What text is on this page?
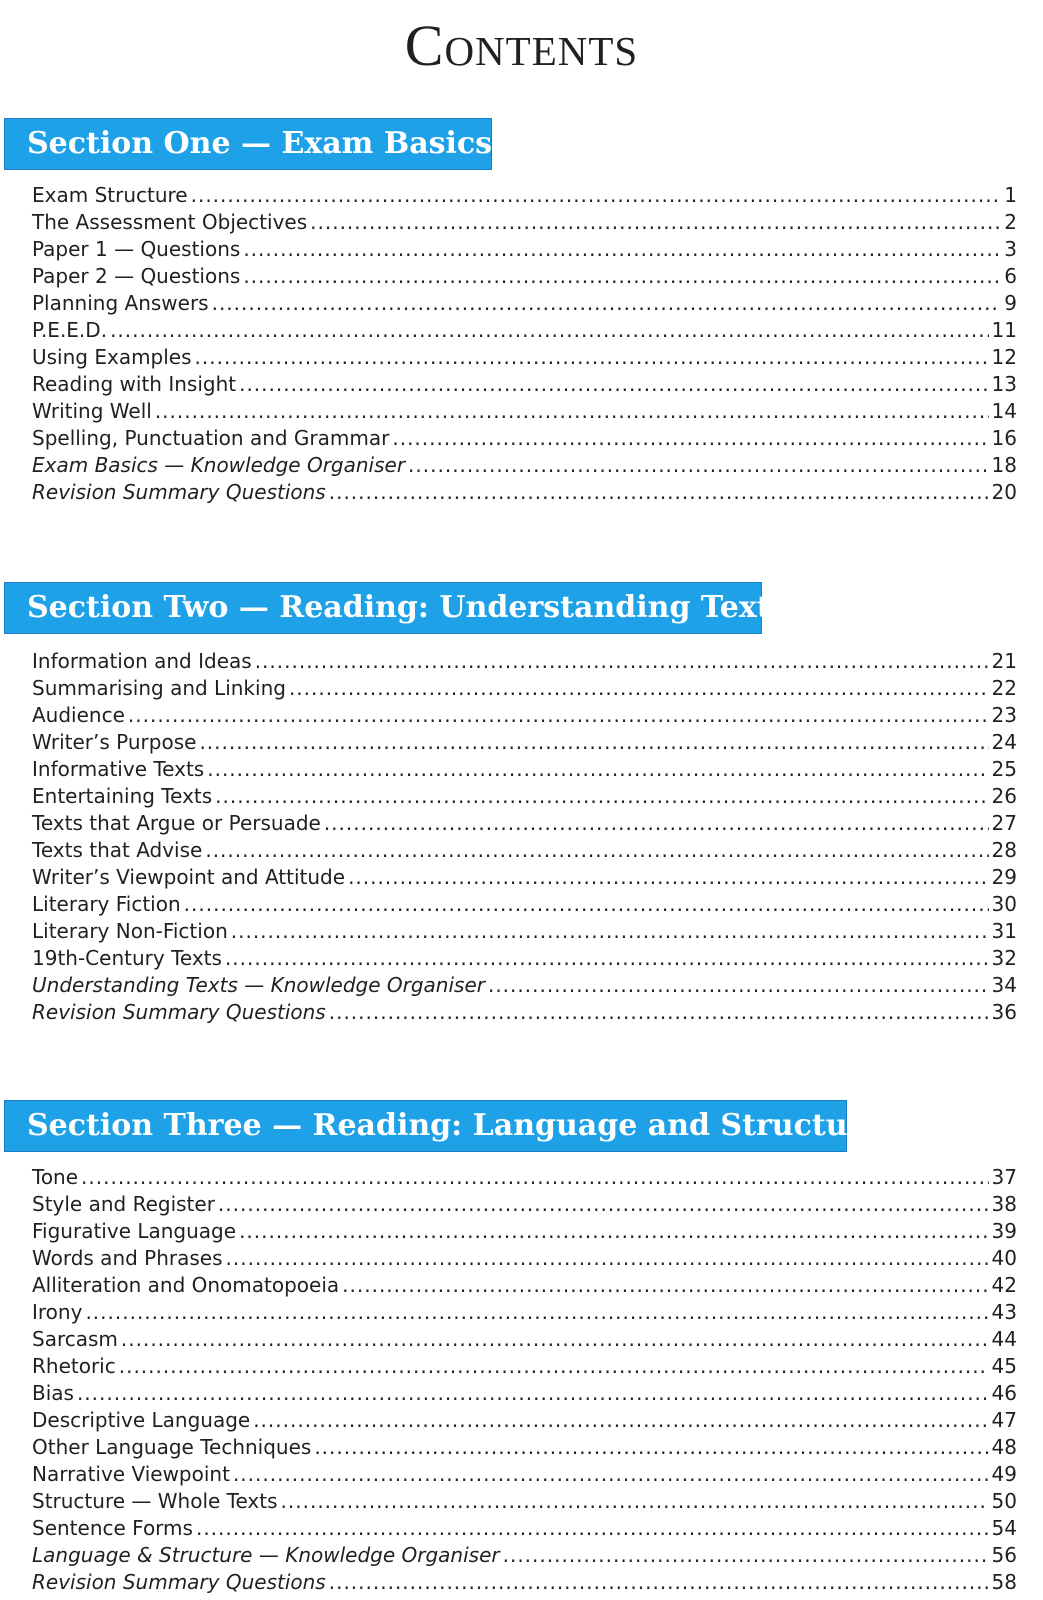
Contents
Section One — Exam Basics
Exam Structure .....	1
The Assessment Objectives .....	2
Paper 1 — Questions .....	3
Paper 2 — Questions .....	6
Planning Answers .....	9
P.E.E.D. .....	11
Using Examples .....	12
Reading with Insight .....	13
Writing Well .....	14
Spelling, Punctuation and Grammar .....	16
Exam Basics — Knowledge Organiser .....	18
Revision Summary Questions .....	20
Section Two — Reading: Understanding Texts
Information and Ideas .....	21
Summarising and Linking .....	22
Audience .....	23
Writer’s Purpose .....	24
Informative Texts .....	25
Entertaining Texts .....	26
Texts that Argue or Persuade .....	27
Texts that Advise .....	28
Writer’s Viewpoint and Attitude .....	29
Literary Fiction .....	30
Literary Non-Fiction .....	31
19th-Century Texts .....	32
Understanding Texts — Knowledge Organiser .....	34
Revision Summary Questions .....	36
Section Three — Reading: Language and Structure
Tone .....	37
Style and Register .....	38
Figurative Language .....	39
Words and Phrases .....	40
Alliteration and Onomatopoeia .....	42
Irony .....	43
Sarcasm .....	44
Rhetoric .....	45
Bias .....	46
Descriptive Language .....	47
Other Language Techniques .....	48
Narrative Viewpoint .....	49
Structure — Whole Texts .....	50
Sentence Forms .....	54
Language & Structure — Knowledge Organiser .....	56
Revision Summary Questions .....	58
